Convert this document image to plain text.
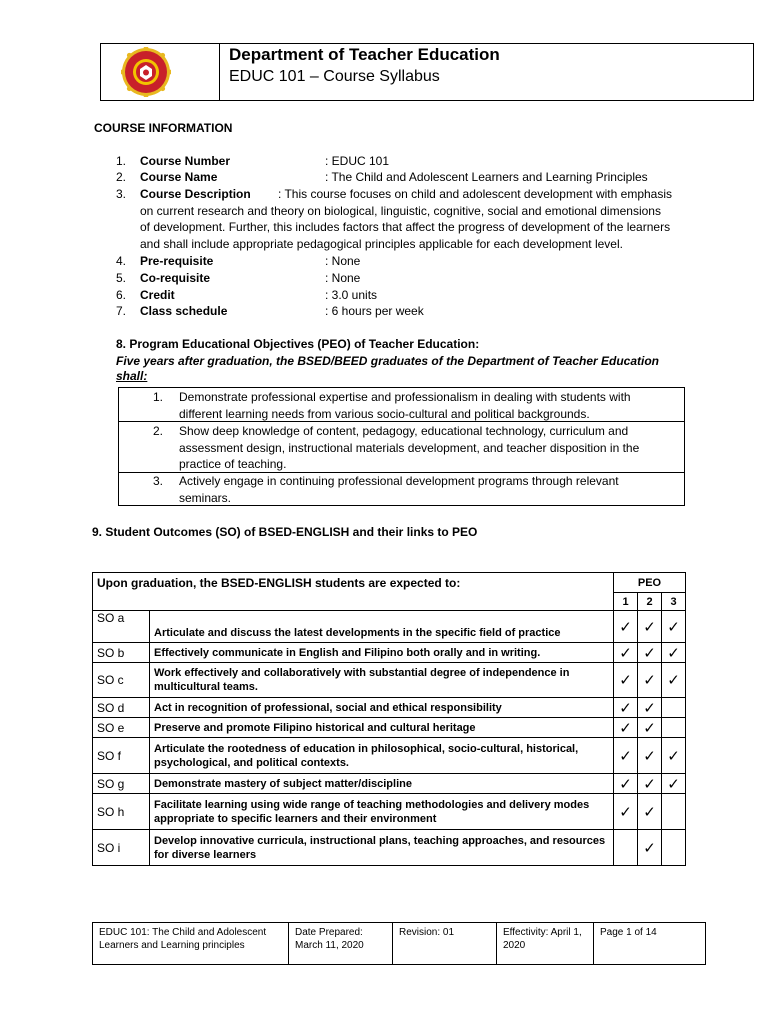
Department of Teacher Education
EDUC 101 – Course Syllabus
COURSE INFORMATION
1. Course Number	: EDUC 101
2. Course Name	: The Child and Adolescent Learners and Learning Principles
3. Course Description : This course focuses on child and adolescent development with emphasis
on current research and theory on biological, linguistic, cognitive, social and emotional dimensions
of development. Further, this includes factors that affect the progress of development of the learners
and shall include appropriate pedagogical principles applicable for each development level.
4. Pre-requisite	: None
5. Co-requisite	: None
6. Credit	: 3.0 units
7. Class schedule	: 6 hours per week
8. Program Educational Objectives (PEO) of Teacher Education:
Five years after graduation, the BSED/BEED graduates of the Department of Teacher Education
shall:
1. Demonstrate professional expertise and professionalism in dealing with students with
different learning needs from various socio-cultural and political backgrounds.
2. Show deep knowledge of content, pedagogy, educational technology, curriculum and
assessment design, instructional materials development, and teacher disposition in the
practice of teaching.
3. Actively engage in continuing professional development programs through relevant
seminars.
9. Student Outcomes (SO) of BSED-ENGLISH and their links to PEO
Upon graduation, the BSED-ENGLISH students are expected to:		PEO		
		1	2	3
SO a	Articulate and discuss the latest developments in the specific field of practice	✓	✓	✓
SO b	Effectively communicate in English and Filipino both orally and in writing.	✓	✓	✓
SO c	Work effectively and collaboratively with substantial degree of independence in multicultural teams.	✓	✓	✓
SO d	Act in recognition of professional, social and ethical responsibility	✓	✓	
SO e	Preserve and promote Filipino historical and cultural heritage	✓	✓	
SO f	Articulate the rootedness of education in philosophical, socio-cultural, historical, psychological, and political contexts.	✓	✓	✓
SO g	Demonstrate mastery of subject matter/discipline	✓	✓	✓
SO h	Facilitate learning using wide range of teaching methodologies and delivery modes appropriate to specific learners and their environment	✓	✓	
SO i	Develop innovative curricula, instructional plans, teaching approaches, and resources for diverse learners		✓	
EDUC 101: The Child and Adolescent Learners and Learning principles	Date Prepared: March 11, 2020	Revision: 01	Effectivity: April 1, 2020	Page 1 of 14
